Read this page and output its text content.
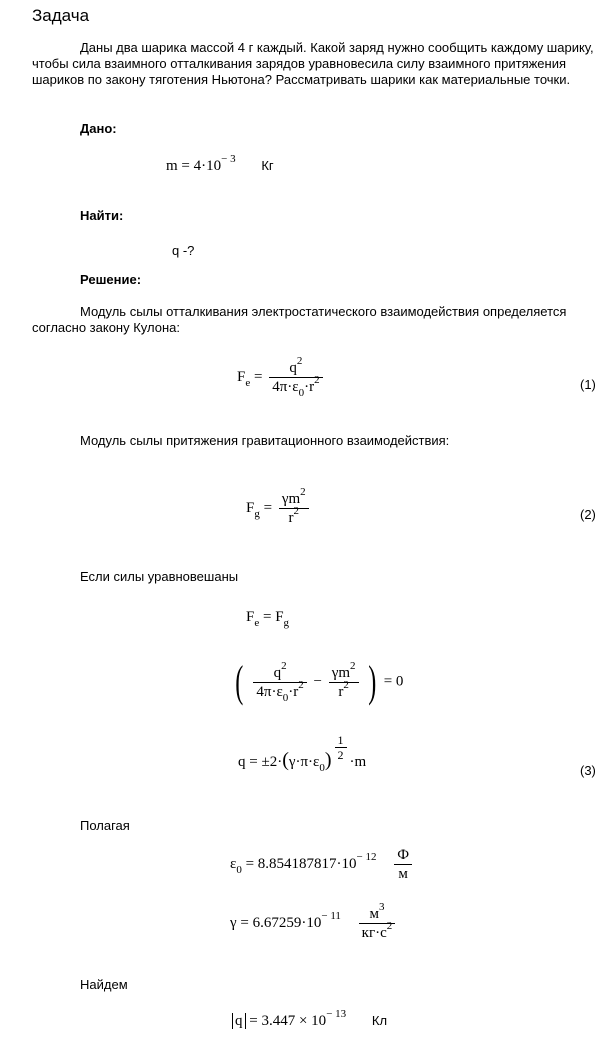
Задача
Даны два шарика массой 4 г каждый. Какой заряд нужно сообщить каждому шарику, чтобы сила взаимного отталкивания зарядов уравновесила силу взаимного притяжения шариков по закону тяготения Ньютона? Рассматривать шарики как материальные точки.
Дано:
$m = 4\cdot 10^{- 3}$ Кг
Найти:
q -?
Решение:
Модуль сылы отталкивания электростатического взаимодействия определяется согласно закону Кулона:
$F_e = \frac{q^2}{4\pi\cdot\varepsilon_0\cdot r^2}$	(1)
Модуль сылы притяжения гравитационного взаимодействия:
$F_g = \frac{\gamma m^2}{r^2}$	(2)
Если силы уравновешаны
$F_e = F_g$
( $\frac{q^2}{4\pi\cdot\varepsilon_0\cdot r^2} - \frac{\gamma m^2}{r^2}$ ) = 0
$q = \pm 2\cdot(\gamma\cdot\pi\cdot\varepsilon_0) \frac{1}{2} \cdot m$
(3)
Полагая
$\varepsilon_0 = 8.854187817\cdot 10^{- 12} \frac{Ф}{м}$
$\gamma = 6.67259\cdot 10^{- 11} \frac{м^3}{кг\cdot с^2}$
Найдем
$q = 3.447 \times 10^{- 13}$ Кл
